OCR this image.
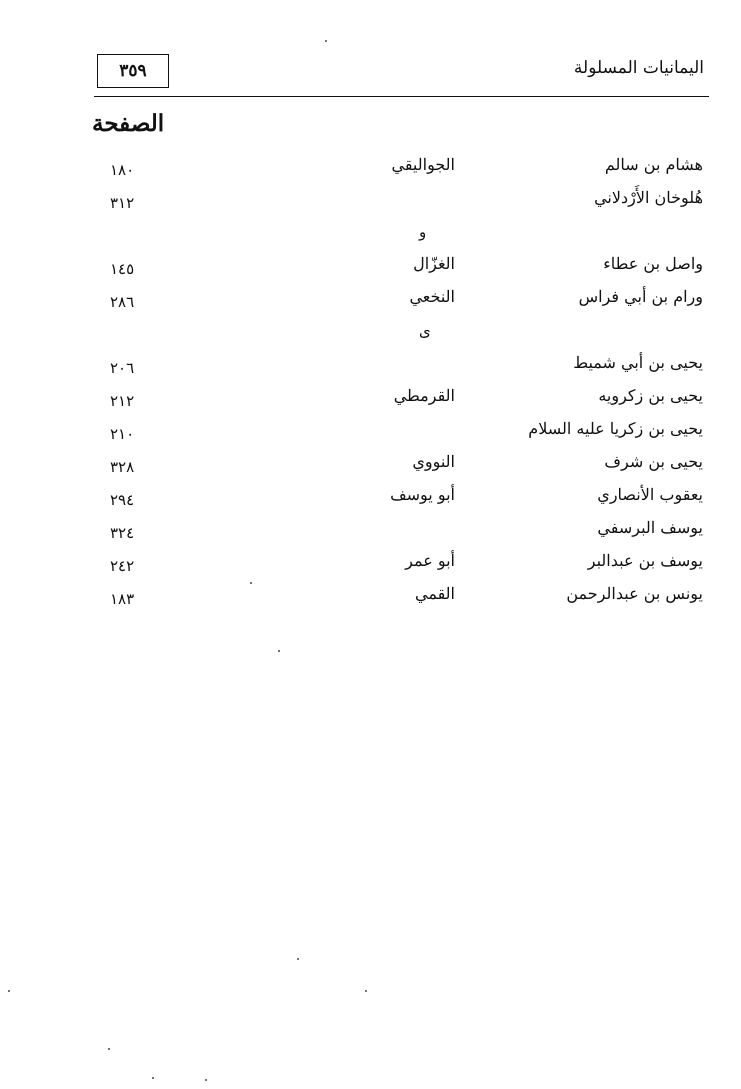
٣٥٩	اليمانيات المسلولة
الصفحة
هشام بن سالم
الجواليقي
١٨٠
هُلوخان الأَرْدلاني
٣١٢
و
واصل بن عطاء
الغزّال
١٤٥
ورام بن أبي فراس
النخعي
٢٨٦
ى
يحيى بن أبي شميط
٢٠٦
يحيى بن زكرويه
القرمطي
٢١٢
يحيى بن زكريا عليه السلام
٢١٠
يحيى بن شرف
النووي
٣٢٨
يعقوب الأنصاري
أبو يوسف
٢٩٤
يوسف البرسفي
٣٢٤
يوسف بن عبدالبر
أبو عمر
٢٤٢
يونس بن عبدالرحمن
القمي
١٨٣
